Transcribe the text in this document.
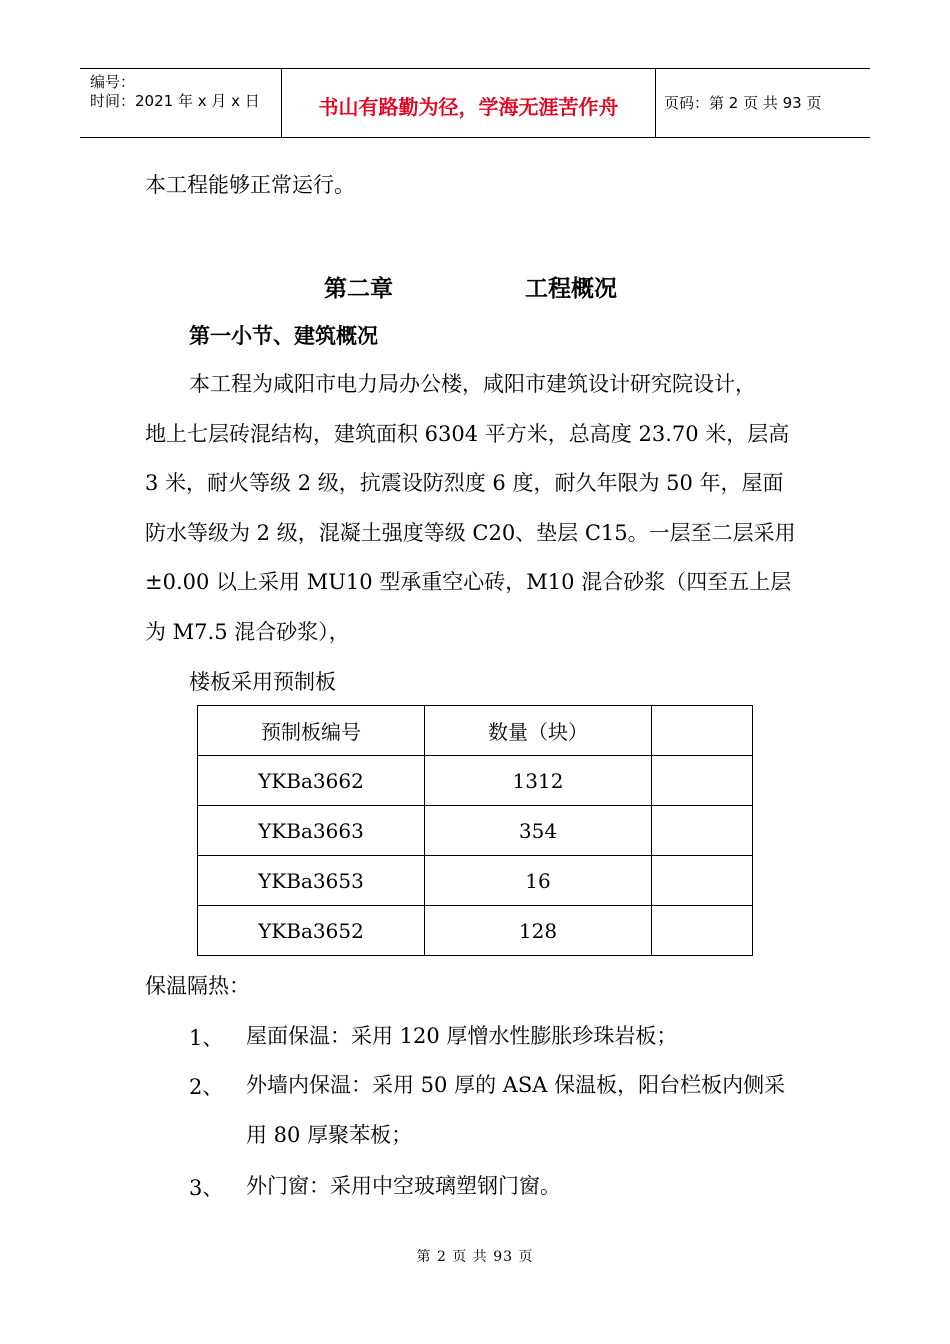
编号：
时间：2021 年 x 月 x 日	书山有路勤为径，学海无涯苦作舟	页码：第 2 页 共 93 页
本工程能够正常运行。
第二章	工程概况
第一小节、建筑概况
本工程为咸阳市电力局办公楼，咸阳市建筑设计研究院设计，
地上七层砖混结构，建筑面积 6304 平方米，总高度 23.70 米，层高
3 米，耐火等级 2 级，抗震设防烈度 6 度，耐久年限为 50 年，屋面
防水等级为 2 级，混凝土强度等级 C20、垫层 C15。一层至二层采用
±0.00 以上采用 MU10 型承重空心砖，M10 混合砂浆（四至五上层
为 M7.5 混合砂浆），
楼板采用预制板
预制板编号	数量（块）	
YKBa3662	1312	
YKBa3663	354	
YKBa3653	16	
YKBa3652	128	
保温隔热：
1、 屋面保温：采用 120 厚憎水性膨胀珍珠岩板；
2、 外墙内保温：采用 50 厚的 ASA 保温板，阳台栏板内侧采
用 80 厚聚苯板；
3、 外门窗：采用中空玻璃塑钢门窗。
第 2 页 共 93 页
